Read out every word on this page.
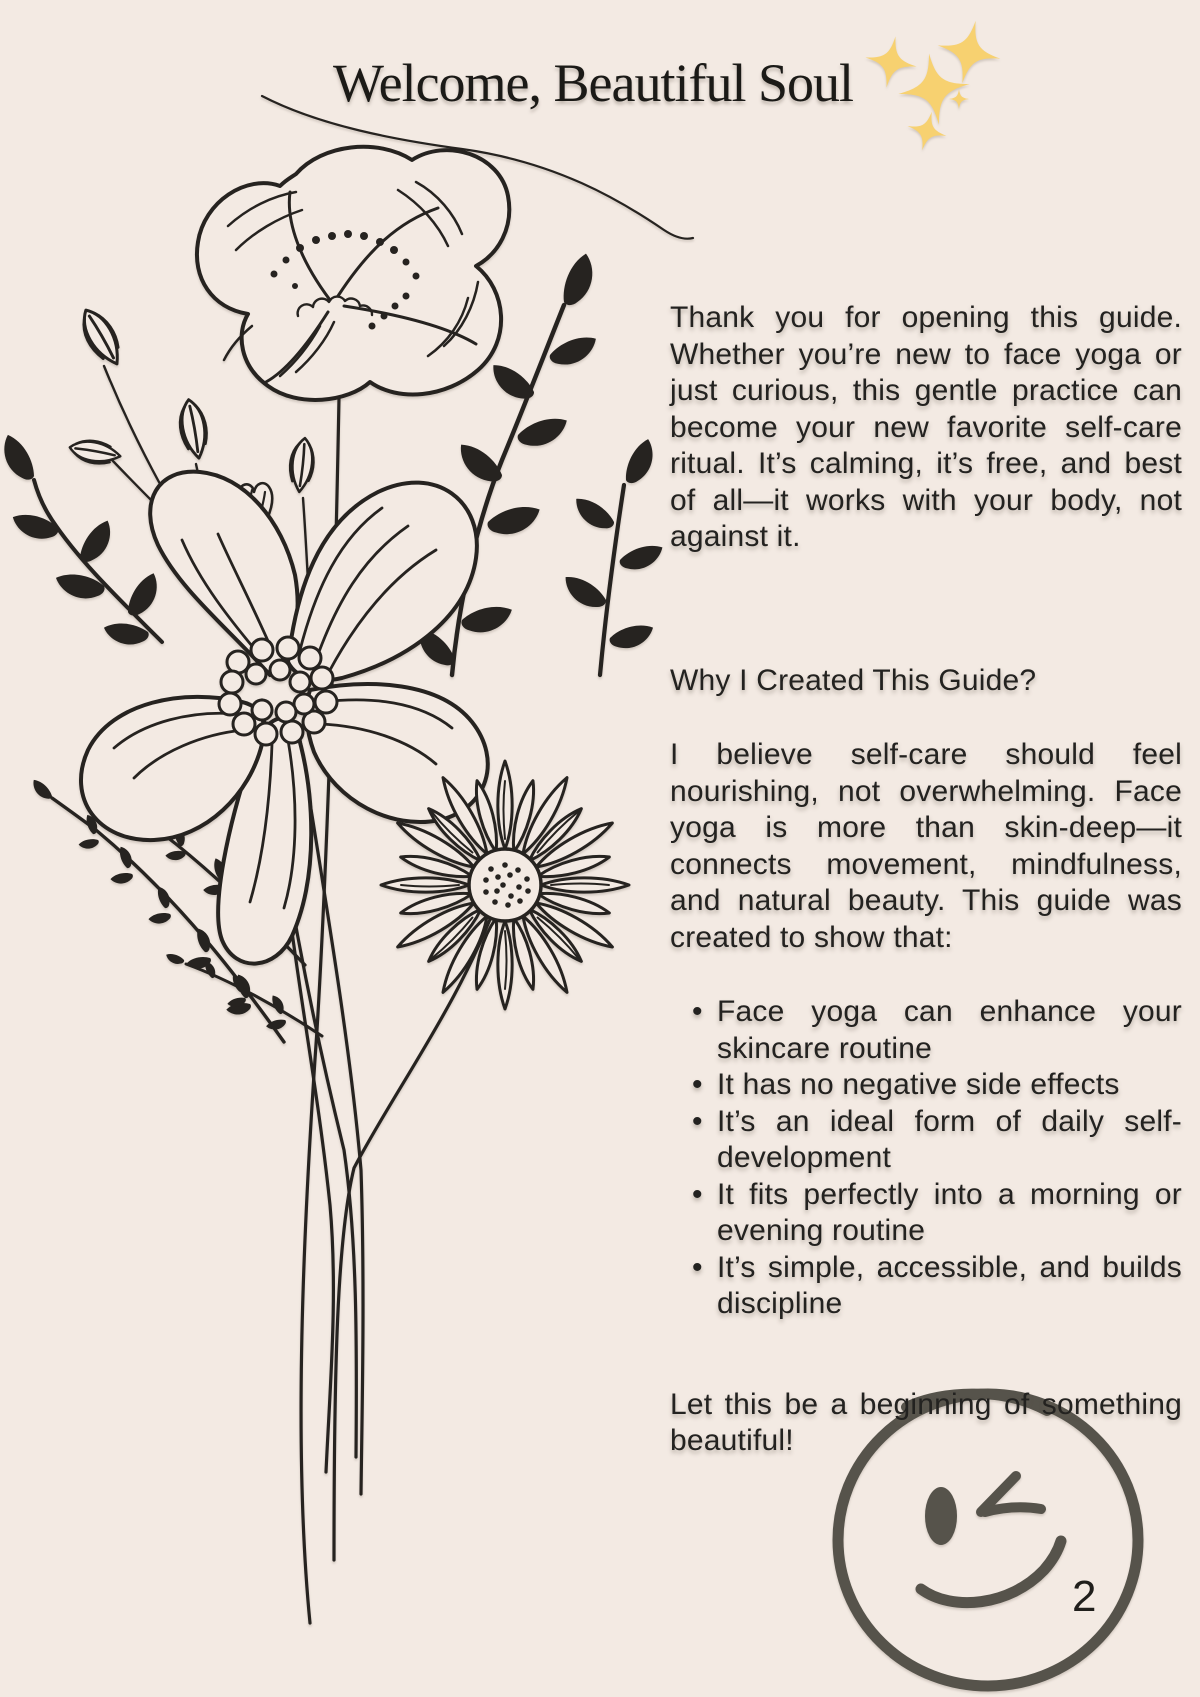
Welcome, Beautiful Soul

Thank you for opening this guide. Whether you’re new to face yoga or just curious, this gentle practice can become your new favorite self-care ritual. It’s calming, it’s free, and best of all—it works with your body, not against it.

Why I Created This Guide?

I believe self-care should feel nourishing, not overwhelming. Face yoga is more than skin-deep—it connects movement, mindfulness, and natural beauty. This guide was created to show that:

• Face yoga can enhance your skincare routine
• It has no negative side effects
• It’s an ideal form of daily self-development
• It fits perfectly into a morning or evening routine
• It’s simple, accessible, and builds discipline

Let this be a beginning of something beautiful!

2
